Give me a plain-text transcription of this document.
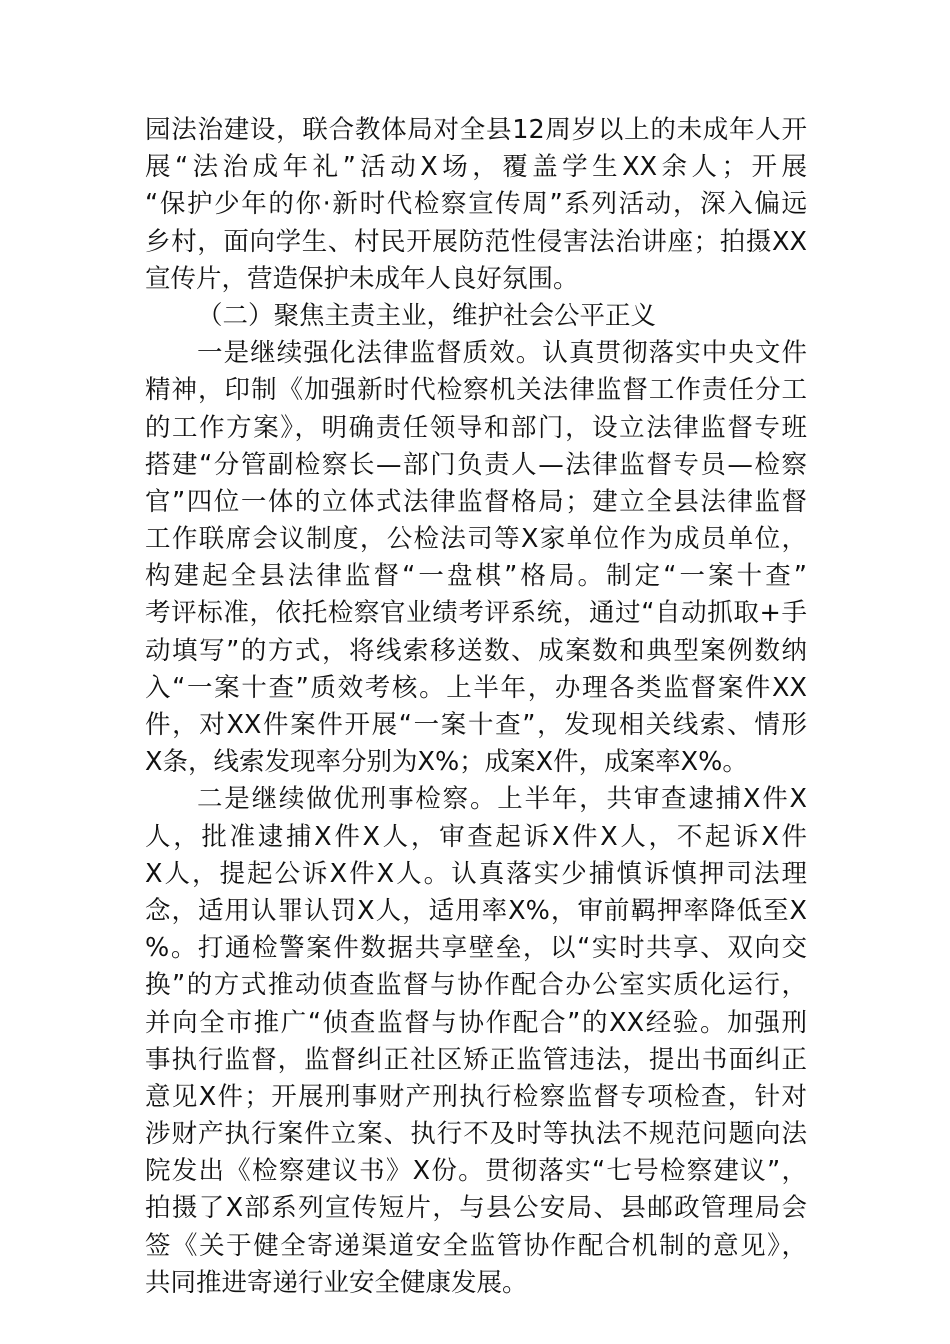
园法治建设，联合教体局对全县12周岁以上的未成年人开
展“法治成年礼”活动X场，覆盖学生XX余人；开展
“保护少年的你·新时代检察宣传周”系列活动，深入偏远
乡村，面向学生、村民开展防范性侵害法治讲座；拍摄XX
宣传片，营造保护未成年人良好氛围。
（二）聚焦主责主业，维护社会公平正义
一是继续强化法律监督质效。认真贯彻落实中央文件
精神，印制《加强新时代检察机关法律监督工作责任分工
的工作方案》，明确责任领导和部门，设立法律监督专班
搭建“分管副检察长—部门负责人—法律监督专员—检察
官”四位一体的立体式法律监督格局；建立全县法律监督
工作联席会议制度，公检法司等X家单位作为成员单位，
构建起全县法律监督“一盘棋”格局。制定“一案十查”
考评标准，依托检察官业绩考评系统，通过“自动抓取+手
动填写”的方式，将线索移送数、成案数和典型案例数纳
入“一案十查”质效考核。上半年，办理各类监督案件XX
件，对XX件案件开展“一案十查”，发现相关线索、情形
X条，线索发现率分别为X%；成案X件，成案率X%。
二是继续做优刑事检察。上半年，共审查逮捕X件X
人，批准逮捕X件X人，审查起诉X件X人，不起诉X件
X人，提起公诉X件X人。认真落实少捕慎诉慎押司法理
念，适用认罪认罚X人，适用率X%，审前羁押率降低至X
%。打通检警案件数据共享壁垒，以“实时共享、双向交
换”的方式推动侦查监督与协作配合办公室实质化运行，
并向全市推广“侦查监督与协作配合”的XX经验。加强刑
事执行监督，监督纠正社区矫正监管违法，提出书面纠正
意见X件；开展刑事财产刑执行检察监督专项检查，针对
涉财产执行案件立案、执行不及时等执法不规范问题向法
院发出《检察建议书》X份。贯彻落实“七号检察建议”，
拍摄了X部系列宣传短片，与县公安局、县邮政管理局会
签《关于健全寄递渠道安全监管协作配合机制的意见》，
共同推进寄递行业安全健康发展。
